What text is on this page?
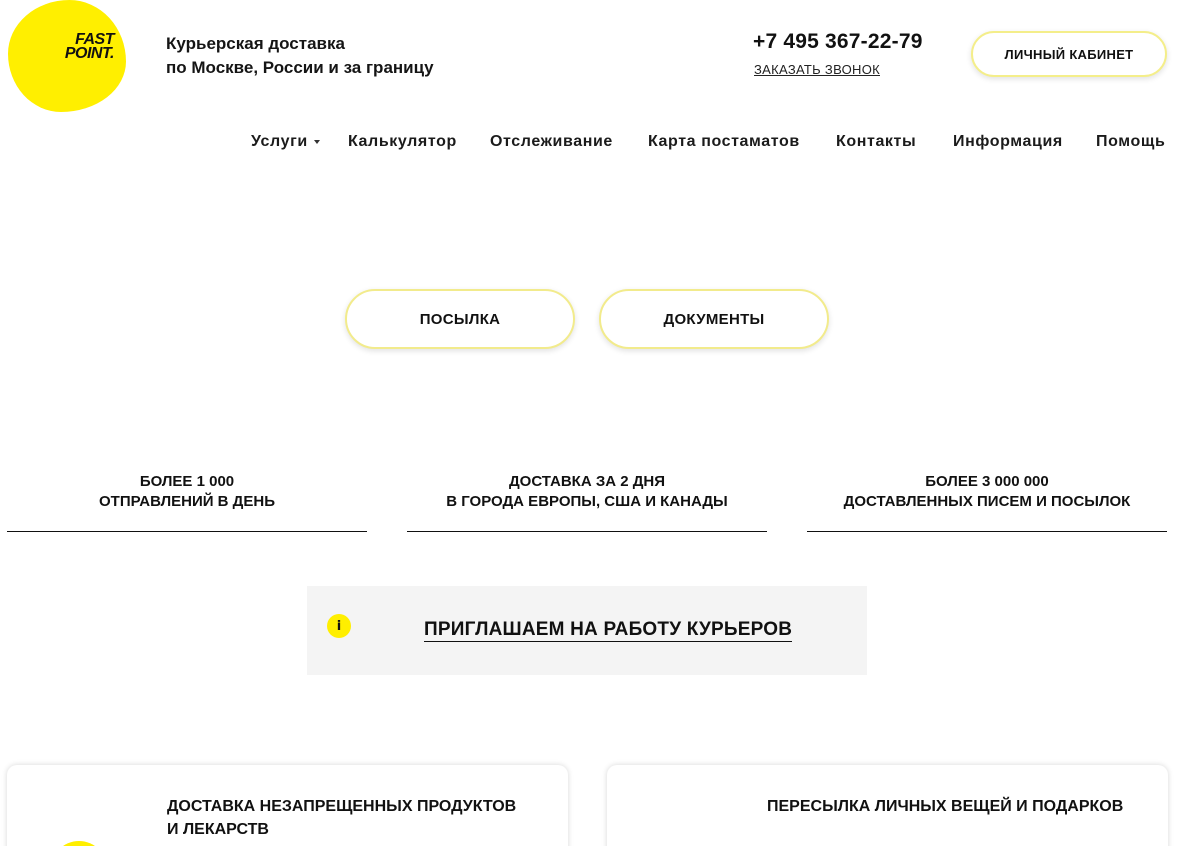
FAST
POINT.
Курьерская доставка
по Москве, России и за границу
+7 495 367-22-79
ЗАКАЗАТЬ ЗВОНОК
ЛИЧНЫЙ КАБИНЕТ
Услуги	Калькулятор Отслеживание Карта постаматов Контакты Информация Помощь
ПОСЫЛКА	ДОКУМЕНТЫ
БОЛЕЕ 1 000
ОТПРАВЛЕНИЙ В ДЕНЬ
ДОСТАВКА ЗА 2 ДНЯ
В ГОРОДА ЕВРОПЫ, США И КАНАДЫ
БОЛЕЕ 3 000 000
ДОСТАВЛЕННЫХ ПИСЕМ И ПОСЫЛОК
i	ПРИГЛАШАЕМ НА РАБОТУ КУРЬЕРОВ
ДОСТАВКА НЕЗАПРЕЩЕННЫХ ПРОДУКТОВ
И ЛЕКАРСТВ
ПЕРЕСЫЛКА ЛИЧНЫХ ВЕЩЕЙ И ПОДАРКОВ
